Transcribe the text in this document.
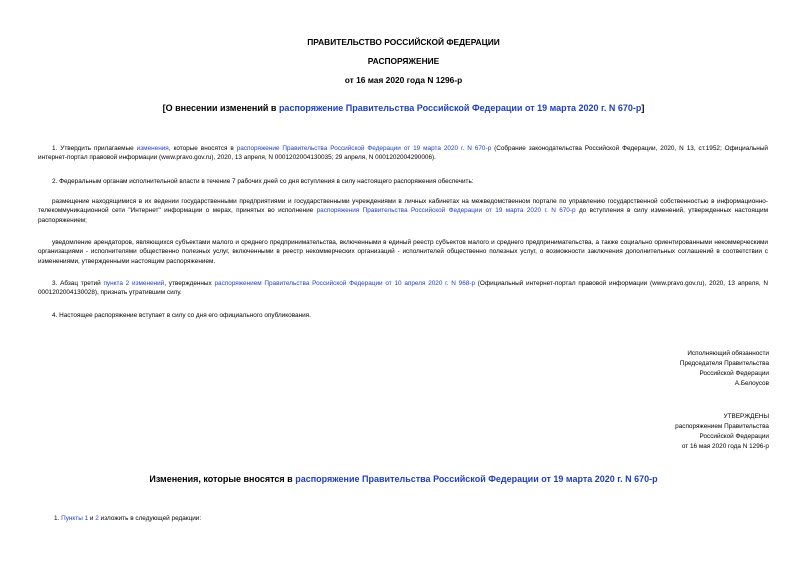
ПРАВИТЕЛЬСТВО РОССИЙСКОЙ ФЕДЕРАЦИИ
РАСПОРЯЖЕНИЕ
от 16 мая 2020 года N 1296-р
[О внесении изменений в распоряжение Правительства Российской Федерации от 19 марта 2020 г. N 670-р]
1. Утвердить прилагаемые изменения, которые вносятся в распоряжение Правительства Российской Федерации от 19 марта 2020 г. N 670-р (Собрание законодательства Российской Федерации, 2020, N 13, ст.1952; Официальный интернет-портал правовой информации (www.pravo.gov.ru), 2020, 13 апреля, N 0001202004130035; 29 апреля, N 0001202004290006).
2. Федеральным органам исполнительной власти в течение 7 рабочих дней со дня вступления в силу настоящего распоряжения обеспечить:
размещение находящимися в их ведении государственными предприятиями и государственными учреждениями в личных кабинетах на межведомственном портале по управлению государственной собственностью в информационно-телекоммуникационной сети "Интернет" информации о мерах, принятых во исполнение распоряжения Правительства Российской Федерации от 19 марта 2020 г. N 670-р до вступления в силу изменений, утвержденных настоящим распоряжением;
уведомление арендаторов, являющихся субъектами малого и среднего предпринимательства, включенными в единый реестр субъектов малого и среднего предпринимательства, а также социально ориентированными некоммерческими организациями - исполнителями общественно полезных услуг, включенными в реестр некоммерческих организаций - исполнителей общественно полезных услуг, о возможности заключения дополнительных соглашений в соответствии с изменениями, утвержденными настоящим распоряжением.
3. Абзац третий пункта 2 изменений, утвержденных распоряжением Правительства Российской Федерации от 10 апреля 2020 г. N 968-р (Официальный интернет-портал правовой информации (www.pravo.gov.ru), 2020, 13 апреля, N 0001202004130028), признать утратившим силу.
4. Настоящее распоряжение вступает в силу со дня его официального опубликования.
Исполняющий обязанности
Председателя Правительства
Российской Федерации
А.Белоусов
УТВЕРЖДЕНЫ
распоряжением Правительства
Российской Федерации
от 16 мая 2020 года N 1296-р
Изменения, которые вносятся в распоряжение Правительства Российской Федерации от 19 марта 2020 г. N 670-р
1. Пункты 1 и 2 изложить в следующей редакции:
